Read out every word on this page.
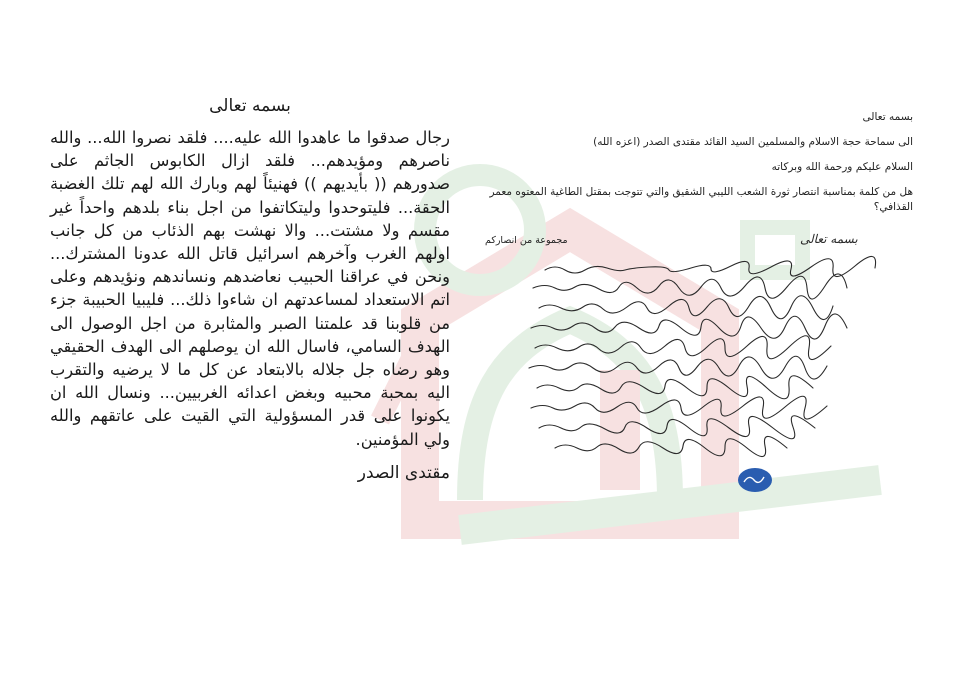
بسمه تعالى

رجال صدقوا ما عاهدوا الله عليه.... فلقد نصروا الله... والله ناصرهم ومؤيدهم... فلقد ازال الكابوس الجاثم على صدورهم (( بأيديهم )) فهنيئاً لهم وبارك الله لهم تلك الغضبة الحقة... فليتوحدوا وليتكاتفوا من اجل بناء بلدهم واحداً غير مقسم ولا مشتت... والا نهشت بهم الذئاب من كل جانب اولهم الغرب وآخرهم اسرائيل قاتل الله عدونا المشترك... ونحن في عراقنا الحبيب نعاضدهم ونساندهم ونؤيدهم وعلى اتم الاستعداد لمساعدتهم ان شاءوا ذلك... فليبيا الحبيبة جزء من قلوبنا قد علمتنا الصبر والمثابرة من اجل الوصول الى الهدف السامي، فاسال الله ان يوصلهم الى الهدف الحقيقي وهو رضاه جل جلاله بالابتعاد عن كل ما لا يرضيه والتقرب اليه بمحبة محبيه وبغض اعدائه الغربيين... ونسال الله ان يكونوا على قدر المسؤولية التي القيت على عاتقهم والله ولي المؤمنين.

مقتدى الصدر

بسمه تعالى

الى سماحة حجة الاسلام والمسلمين السيد القائد مقتدى الصدر (اعزه الله)

السلام عليكم ورحمة الله وبركاته

هل من كلمة بمناسبة انتصار ثورة الشعب الليبي الشقيق والتي تتوجت بمقتل الطاغية المعتوه معمر القذافي؟

مجموعة من انصاركم	بسمه تعالى
